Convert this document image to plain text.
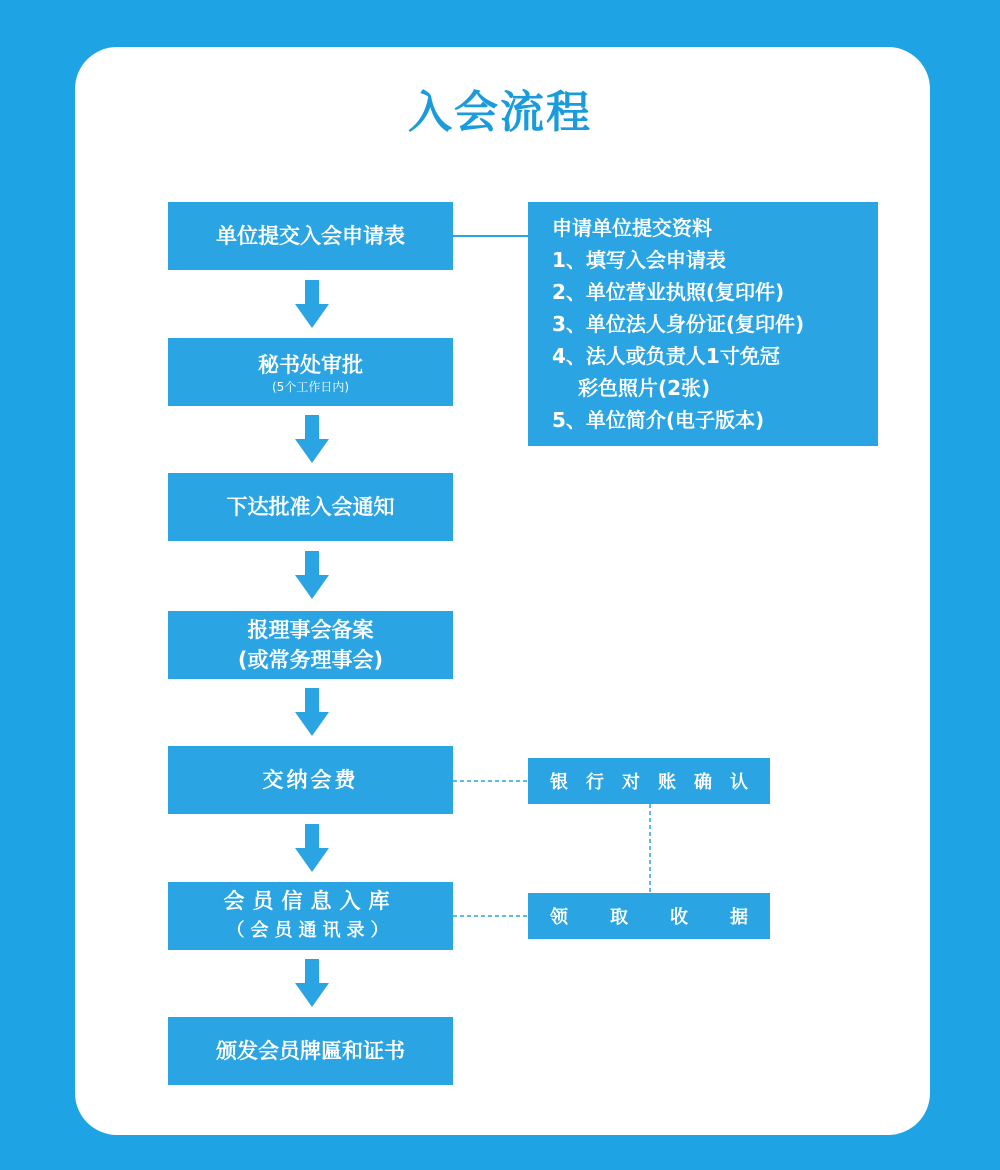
入会流程
单位提交入会申请表
秘书处审批
(5个工作日内)
下达批准入会通知
报理事会备案
(或常务理事会)
交纳会费
会员信息入库
（会员通讯录）
颁发会员牌匾和证书
申请单位提交资料
1、填写入会申请表
2、单位营业执照(复印件)
3、单位法人身份证(复印件)
4、法人或负责人1寸免冠
彩色照片(2张)
5、单位简介(电子版本)
银 行 对 账 确 认
领 取 收 据
